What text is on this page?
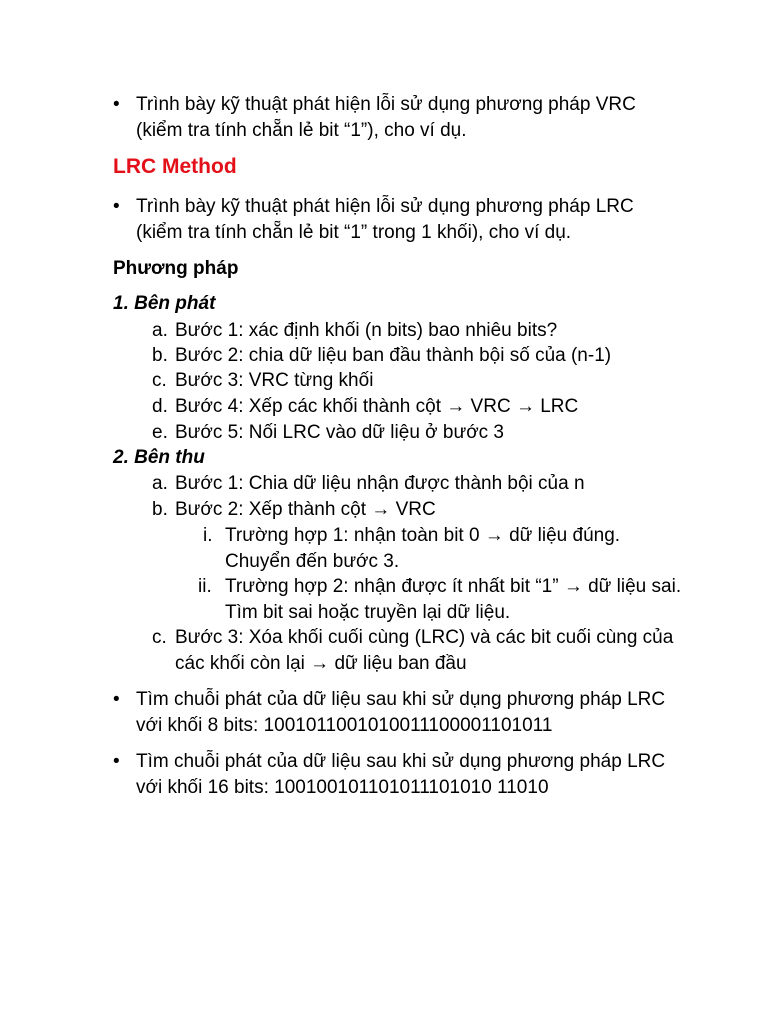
• Trình bày kỹ thuật phát hiện lỗi sử dụng phương pháp VRC
(kiểm tra tính chẵn lẻ bit “1”), cho ví dụ.
LRC Method
• Trình bày kỹ thuật phát hiện lỗi sử dụng phương pháp LRC
(kiểm tra tính chẵn lẻ bit “1” trong 1 khối), cho ví dụ.
Phương pháp
1. Bên phát
a. Bước 1: xác định khối (n bits) bao nhiêu bits?
b. Bước 2: chia dữ liệu ban đầu thành bội số của (n-1)
c. Bước 3: VRC từng khối
d. Bước 4: Xếp các khối thành cột → VRC → LRC
e. Bước 5: Nối LRC vào dữ liệu ở bước 3
2. Bên thu
a. Bước 1: Chia dữ liệu nhận được thành bội của n
b. Bước 2: Xếp thành cột → VRC
i. Trường hợp 1: nhận toàn bit 0 → dữ liệu đúng.
Chuyển đến bước 3.
ii. Trường hợp 2: nhận được ít nhất bit “1” → dữ liệu sai.
Tìm bit sai hoặc truyền lại dữ liệu.
c. Bước 3: Xóa khối cuối cùng (LRC) và các bit cuối cùng của
các khối còn lại → dữ liệu ban đầu
• Tìm chuỗi phát của dữ liệu sau khi sử dụng phương pháp LRC
với khối 8 bits: 1001011001010011100001101011
• Tìm chuỗi phát của dữ liệu sau khi sử dụng phương pháp LRC
với khối 16 bits: 100100101101011101010 11010
